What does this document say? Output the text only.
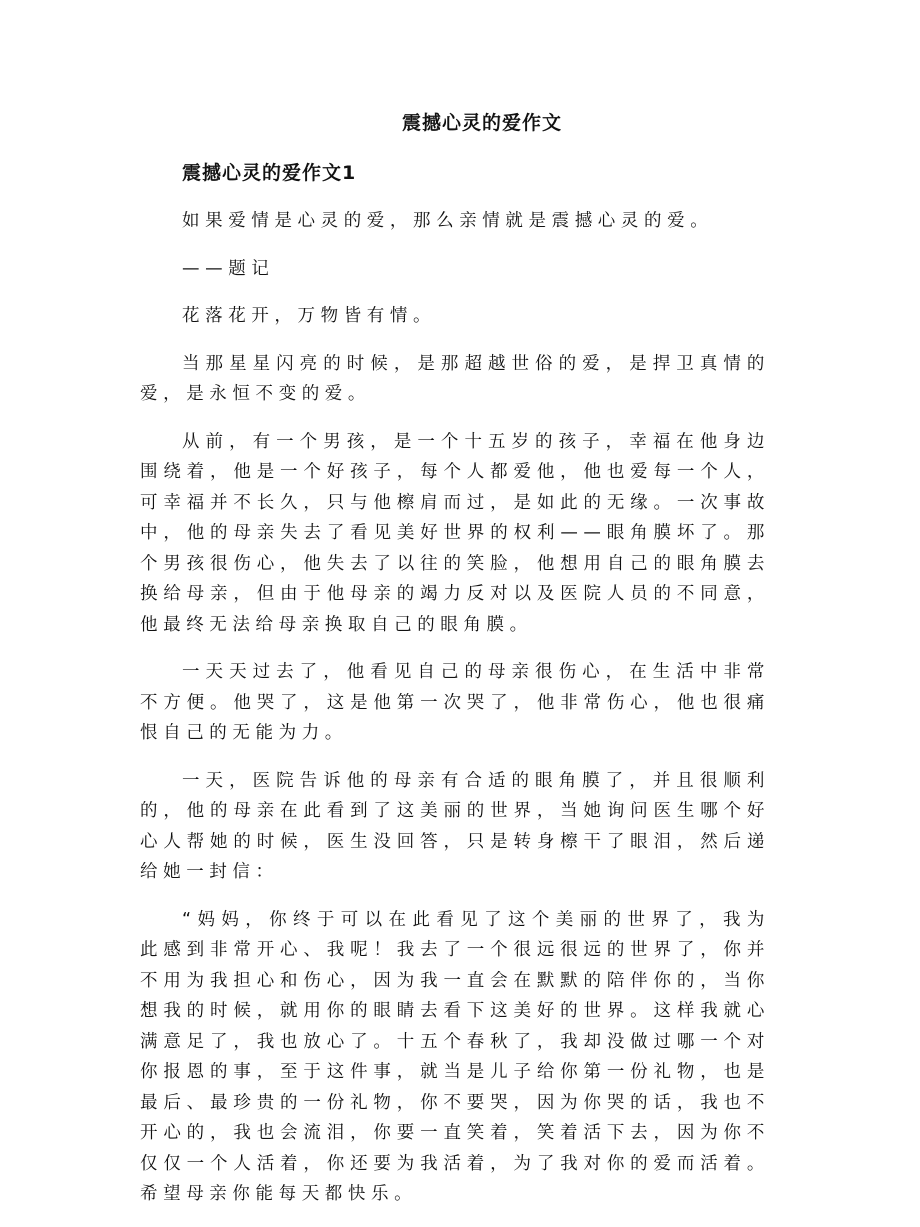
震撼心灵的爱作文
震撼心灵的爱作文1

如果爱情是心灵的爱，那么亲情就是震撼心灵的爱。

——题记

花落花开，万物皆有情。

当那星星闪亮的时候，是那超越世俗的爱，是捍卫真情的爱，是永恒不变的爱。

从前，有一个男孩，是一个十五岁的孩子，幸福在他身边围绕着，他是一个好孩子，每个人都爱他，他也爱每一个人，可幸福并不长久，只与他檫肩而过，是如此的无缘。一次事故中，他的母亲失去了看见美好世界的权利——眼角膜坏了。那个男孩很伤心，他失去了以往的笑脸，他想用自己的眼角膜去换给母亲，但由于他母亲的竭力反对以及医院人员的不同意，他最终无法给母亲换取自己的眼角膜。

一天天过去了，他看见自己的母亲很伤心，在生活中非常不方便。他哭了，这是他第一次哭了，他非常伤心，他也很痛恨自己的无能为力。

一天，医院告诉他的母亲有合适的眼角膜了，并且很顺利的，他的母亲在此看到了这美丽的世界，当她询问医生哪个好心人帮她的时候，医生没回答，只是转身檫干了眼泪，然后递给她一封信：

“妈妈，你终于可以在此看见了这个美丽的世界了，我为此感到非常开心、我呢！我去了一个很远很远的世界了，你并不用为我担心和伤心，因为我一直会在默默的陪伴你的，当你想我的时候，就用你的眼睛去看下这美好的世界。这样我就心满意足了，我也放心了。十五个春秋了，我却没做过哪一个对你报恩的事，至于这件事，就当是儿子给你第一份礼物，也是最后、最珍贵的一份礼物，你不要哭，因为你哭的话，我也不开心的，我也会流泪，你要一直笑着，笑着活下去，因为你不仅仅一个人活着，你还要为我活着，为了我对你的爱而活着。希望母亲你能每天都快乐。
